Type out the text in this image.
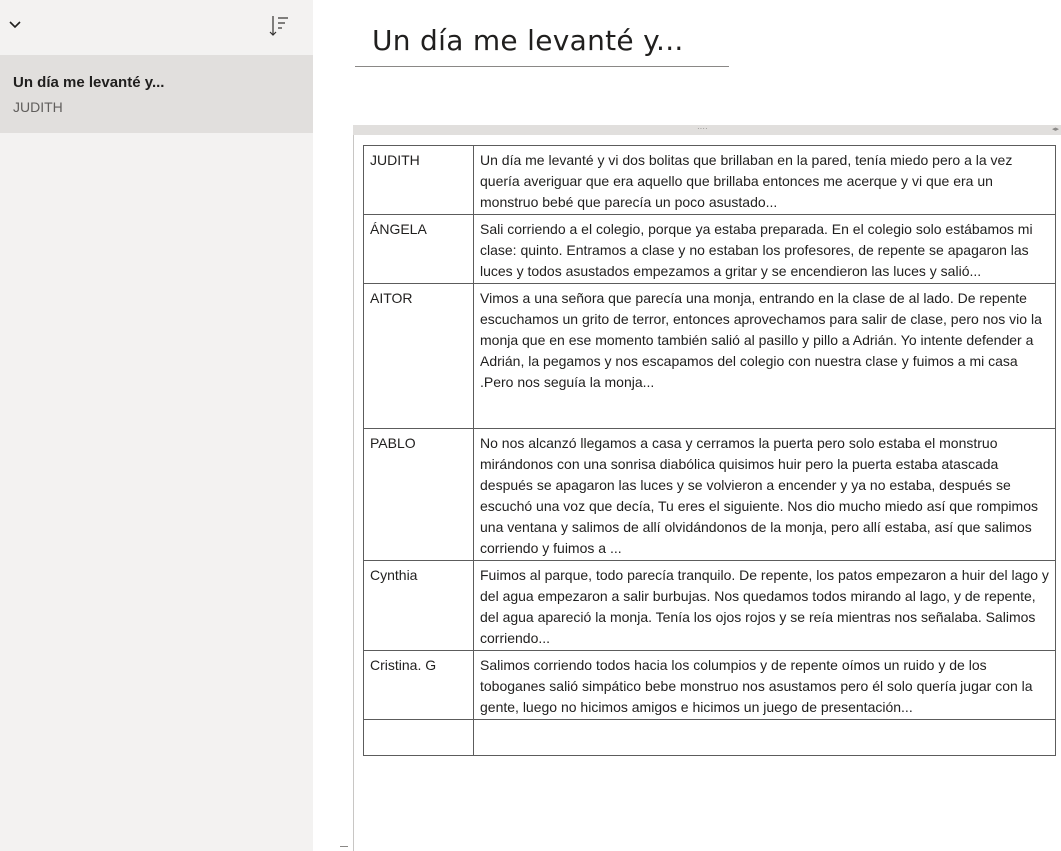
Un día me levanté y...
JUDITH
Un día me levanté y...
····	◂▸
JUDITH	Un día me levanté y vi dos bolitas que brillaban en la pared, tenía miedo pero a la vez quería averiguar que era aquello que brillaba entonces me acerque y vi que era un monstruo bebé que parecía un poco asustado...
ÁNGELA	Sali corriendo a el colegio, porque ya estaba preparada. En el colegio solo estábamos mi clase: quinto. Entramos a clase y no estaban los profesores, de repente se apagaron las luces y todos asustados empezamos a gritar y se encendieron las luces y salió...
AITOR	Vimos a una señora que parecía una monja, entrando en la clase de al lado. De repente escuchamos un grito de terror, entonces aprovechamos para salir de clase, pero nos vio la monja que en ese momento también salió al pasillo y pillo a Adrián. Yo intente defender a Adrián, la pegamos y nos escapamos del colegio con nuestra clase y fuimos a mi casa .Pero nos seguía la monja...
PABLO	No nos alcanzó llegamos a casa y cerramos la puerta pero solo estaba el monstruo mirándonos con una sonrisa diabólica quisimos huir pero la puerta estaba atascada después se apagaron las luces y se volvieron a encender y ya no estaba, después se escuchó una voz que decía, Tu eres el siguiente. Nos dio mucho miedo así que rompimos una ventana y salimos de allí olvidándonos de la monja, pero allí estaba, así que salimos corriendo y fuimos a ...
Cynthia	Fuimos al parque, todo parecía tranquilo. De repente, los patos empezaron a huir del lago y del agua empezaron a salir burbujas. Nos quedamos todos mirando al lago, y de repente, del agua apareció la monja. Tenía los ojos rojos y se reía mientras nos señalaba. Salimos corriendo...
Cristina. G	Salimos corriendo todos hacia los columpios y de repente oímos un ruido y de los toboganes salió simpático bebe monstruo nos asustamos pero él solo quería jugar con la gente, luego no hicimos amigos e hicimos un juego de presentación...
